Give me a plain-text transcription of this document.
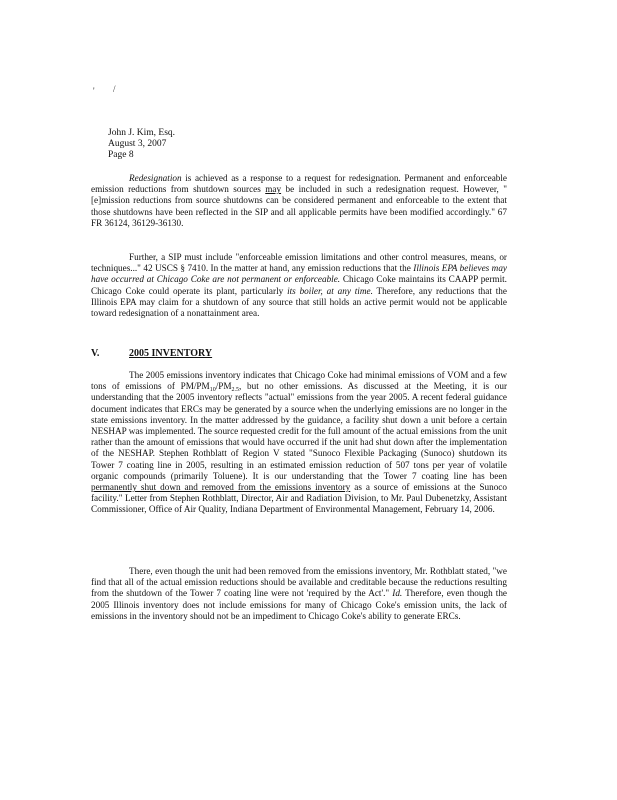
' /
John J. Kim, Esq.
August 3, 2007
Page 8

Redesignation is achieved as a response to a request for redesignation. Permanent and enforceable emission reductions from shutdown sources may be included in such a redesignation request. However, "[e]mission reductions from source shutdowns can be considered permanent and enforceable to the extent that those shutdowns have been reflected in the SIP and all applicable permits have been modified accordingly." 67 FR 36124, 36129-36130.

Further, a SIP must include "enforceable emission limitations and other control measures, means, or techniques..." 42 USCS § 7410. In the matter at hand, any emission reductions that the Illinois EPA believes may have occurred at Chicago Coke are not permanent or enforceable. Chicago Coke maintains its CAAPP permit. Chicago Coke could operate its plant, particularly its boiler, at any time. Therefore, any reductions that the Illinois EPA may claim for a shutdown of any source that still holds an active permit would not be applicable toward redesignation of a nonattainment area.

V.	2005 INVENTORY

The 2005 emissions inventory indicates that Chicago Coke had minimal emissions of VOM and a few tons of emissions of $PM/PM_{10}/PM_{2.5}$, but no other emissions. As discussed at the Meeting, it is our understanding that the 2005 inventory reflects "actual" emissions from the year 2005. A recent federal guidance document indicates that ERCs may be generated by a source when the underlying emissions are no longer in the state emissions inventory. In the matter addressed by the guidance, a facility shut down a unit before a certain NESHAP was implemented. The source requested credit for the full amount of the actual emissions from the unit rather than the amount of emissions that would have occurred if the unit had shut down after the implementation of the NESHAP. Stephen Rothblatt of Region V stated "Sunoco Flexible Packaging (Sunoco) shutdown its Tower 7 coating line in 2005, resulting in an estimated emission reduction of 507 tons per year of volatile organic compounds (primarily Toluene). It is our understanding that the Tower 7 coating line has been permanently shut down and removed from the emissions inventory as a source of emissions at the Sunoco facility." Letter from Stephen Rothblatt, Director, Air and Radiation Division, to Mr. Paul Dubenetzky, Assistant Commissioner, Office of Air Quality, Indiana Department of Environmental Management, February 14, 2006.

There, even though the unit had been removed from the emissions inventory, Mr. Rothblatt stated, "we find that all of the actual emission reductions should be available and creditable because the reductions resulting from the shutdown of the Tower 7 coating line were not 'required by the Act'." Id. Therefore, even though the 2005 Illinois inventory does not include emissions for many of Chicago Coke's emission units, the lack of emissions in the inventory should not be an impediment to Chicago Coke's ability to generate ERCs.
